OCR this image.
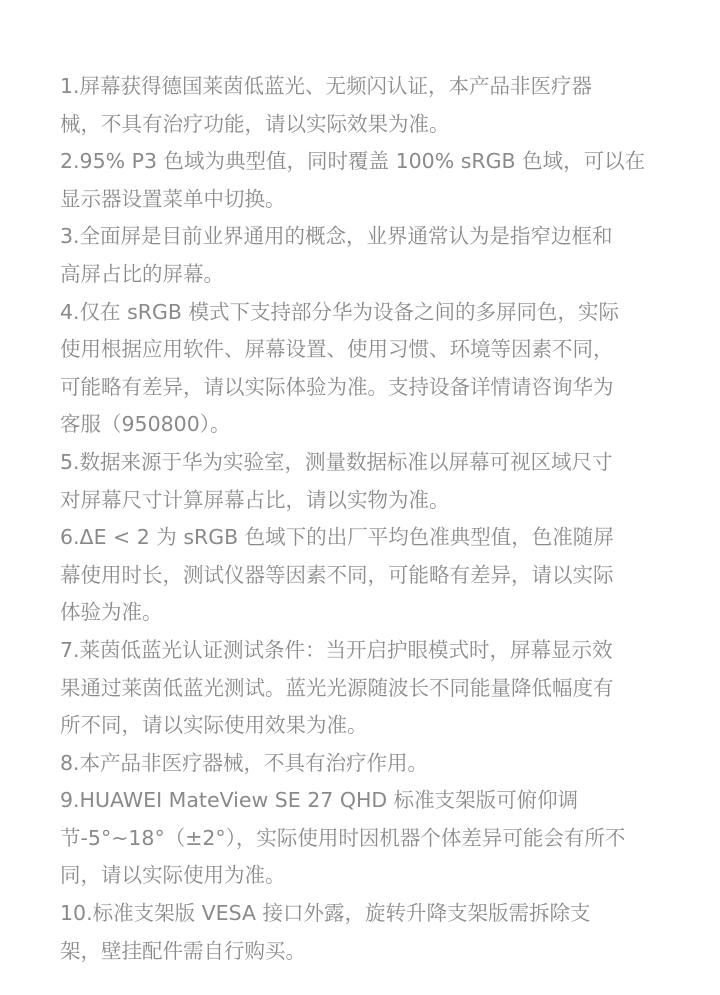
1.屏幕获得德国莱茵低蓝光、无频闪认证，本产品非医疗器
械，不具有治疗功能，请以实际效果为准。
2.95% P3 色域为典型值，同时覆盖 100% sRGB 色域，可以在
显示器设置菜单中切换。
3.全面屏是目前业界通用的概念，业界通常认为是指窄边框和
高屏占比的屏幕。
4.仅在 sRGB 模式下支持部分华为设备之间的多屏同色，实际
使用根据应用软件、屏幕设置、使用习惯、环境等因素不同，
可能略有差异，请以实际体验为准。支持设备详情请咨询华为
客服（950800）。
5.数据来源于华为实验室，测量数据标准以屏幕可视区域尺寸
对屏幕尺寸计算屏幕占比，请以实物为准。
6.ΔE < 2 为 sRGB 色域下的出厂平均色准典型值，色准随屏
幕使用时长，测试仪器等因素不同，可能略有差异，请以实际
体验为准。
7.莱茵低蓝光认证测试条件：当开启护眼模式时，屏幕显示效
果通过莱茵低蓝光测试。蓝光光源随波长不同能量降低幅度有
所不同，请以实际使用效果为准。
8.本产品非医疗器械，不具有治疗作用。
9.HUAWEI MateView SE 27 QHD 标准支架版可俯仰调
节-5°~18°（±2°），实际使用时因机器个体差异可能会有所不
同，请以实际使用为准。
10.标准支架版 VESA 接口外露，旋转升降支架版需拆除支
架，壁挂配件需自行购买。
